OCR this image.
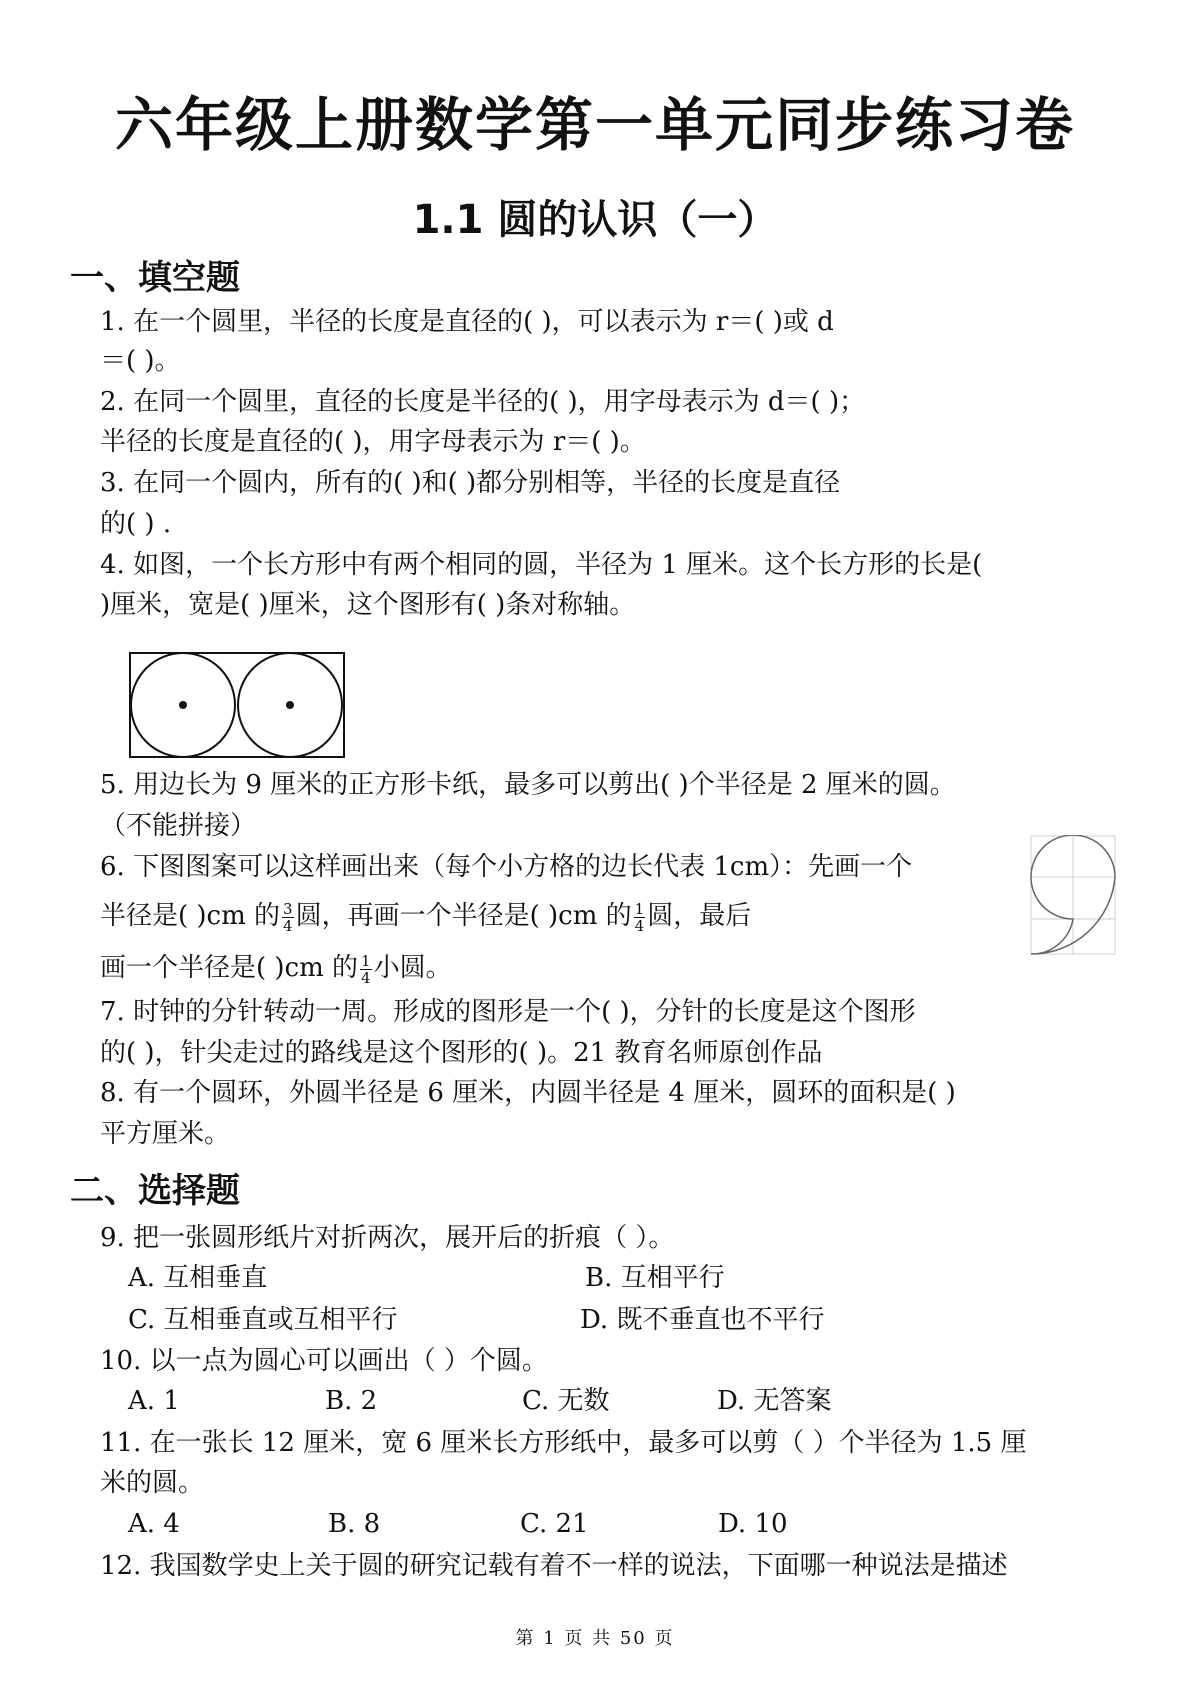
六年级上册数学第一单元同步练习卷
1.1 圆的认识（一）
一、填空题
1. 在一个圆里，半径的长度是直径的( )，可以表示为 r＝( )或 d
＝( )。
2. 在同一个圆里，直径的长度是半径的( )，用字母表示为 d＝( )；
半径的长度是直径的( )，用字母表示为 r＝( )。
3. 在同一个圆内，所有的( )和( )都分别相等，半径的长度是直径
的( ) .
4. 如图，一个长方形中有两个相同的圆，半径为 1 厘米。这个长方形的长是(
)厘米，宽是( )厘米，这个图形有( )条对称轴。
5. 用边长为 9 厘米的正方形卡纸，最多可以剪出( )个半径是 2 厘米的圆。
（不能拼接）
6. 下图图案可以这样画出来（每个小方格的边长代表 1cm）：先画一个
半径是( )cm 的 $\frac{3}{4}$ 圆，再画一个半径是( )cm 的 $\frac{1}{4}$ 圆，最后
画一个半径是( )cm 的 $\frac{1}{4}$ 小圆。
7. 时钟的分针转动一周。形成的图形是一个( )，分针的长度是这个图形
的( )，针尖走过的路线是这个图形的( )。21 教育名师原创作品
8. 有一个圆环，外圆半径是 6 厘米，内圆半径是 4 厘米，圆环的面积是( )
平方厘米。
二、选择题
9. 把一张圆形纸片对折两次，展开后的折痕（ ）。
A. 互相垂直	B. 互相平行
C. 互相垂直或互相平行	D. 既不垂直也不平行
10. 以一点为圆心可以画出（ ）个圆。
A. 1	B. 2	C. 无数	D. 无答案
11. 在一张长 12 厘米，宽 6 厘米长方形纸中，最多可以剪（ ）个半径为 1.5 厘
米的圆。
A. 4	B. 8	C. 21	D. 10
12. 我国数学史上关于圆的研究记载有着不一样的说法，下面哪一种说法是描述
第 1 页 共 50 页
